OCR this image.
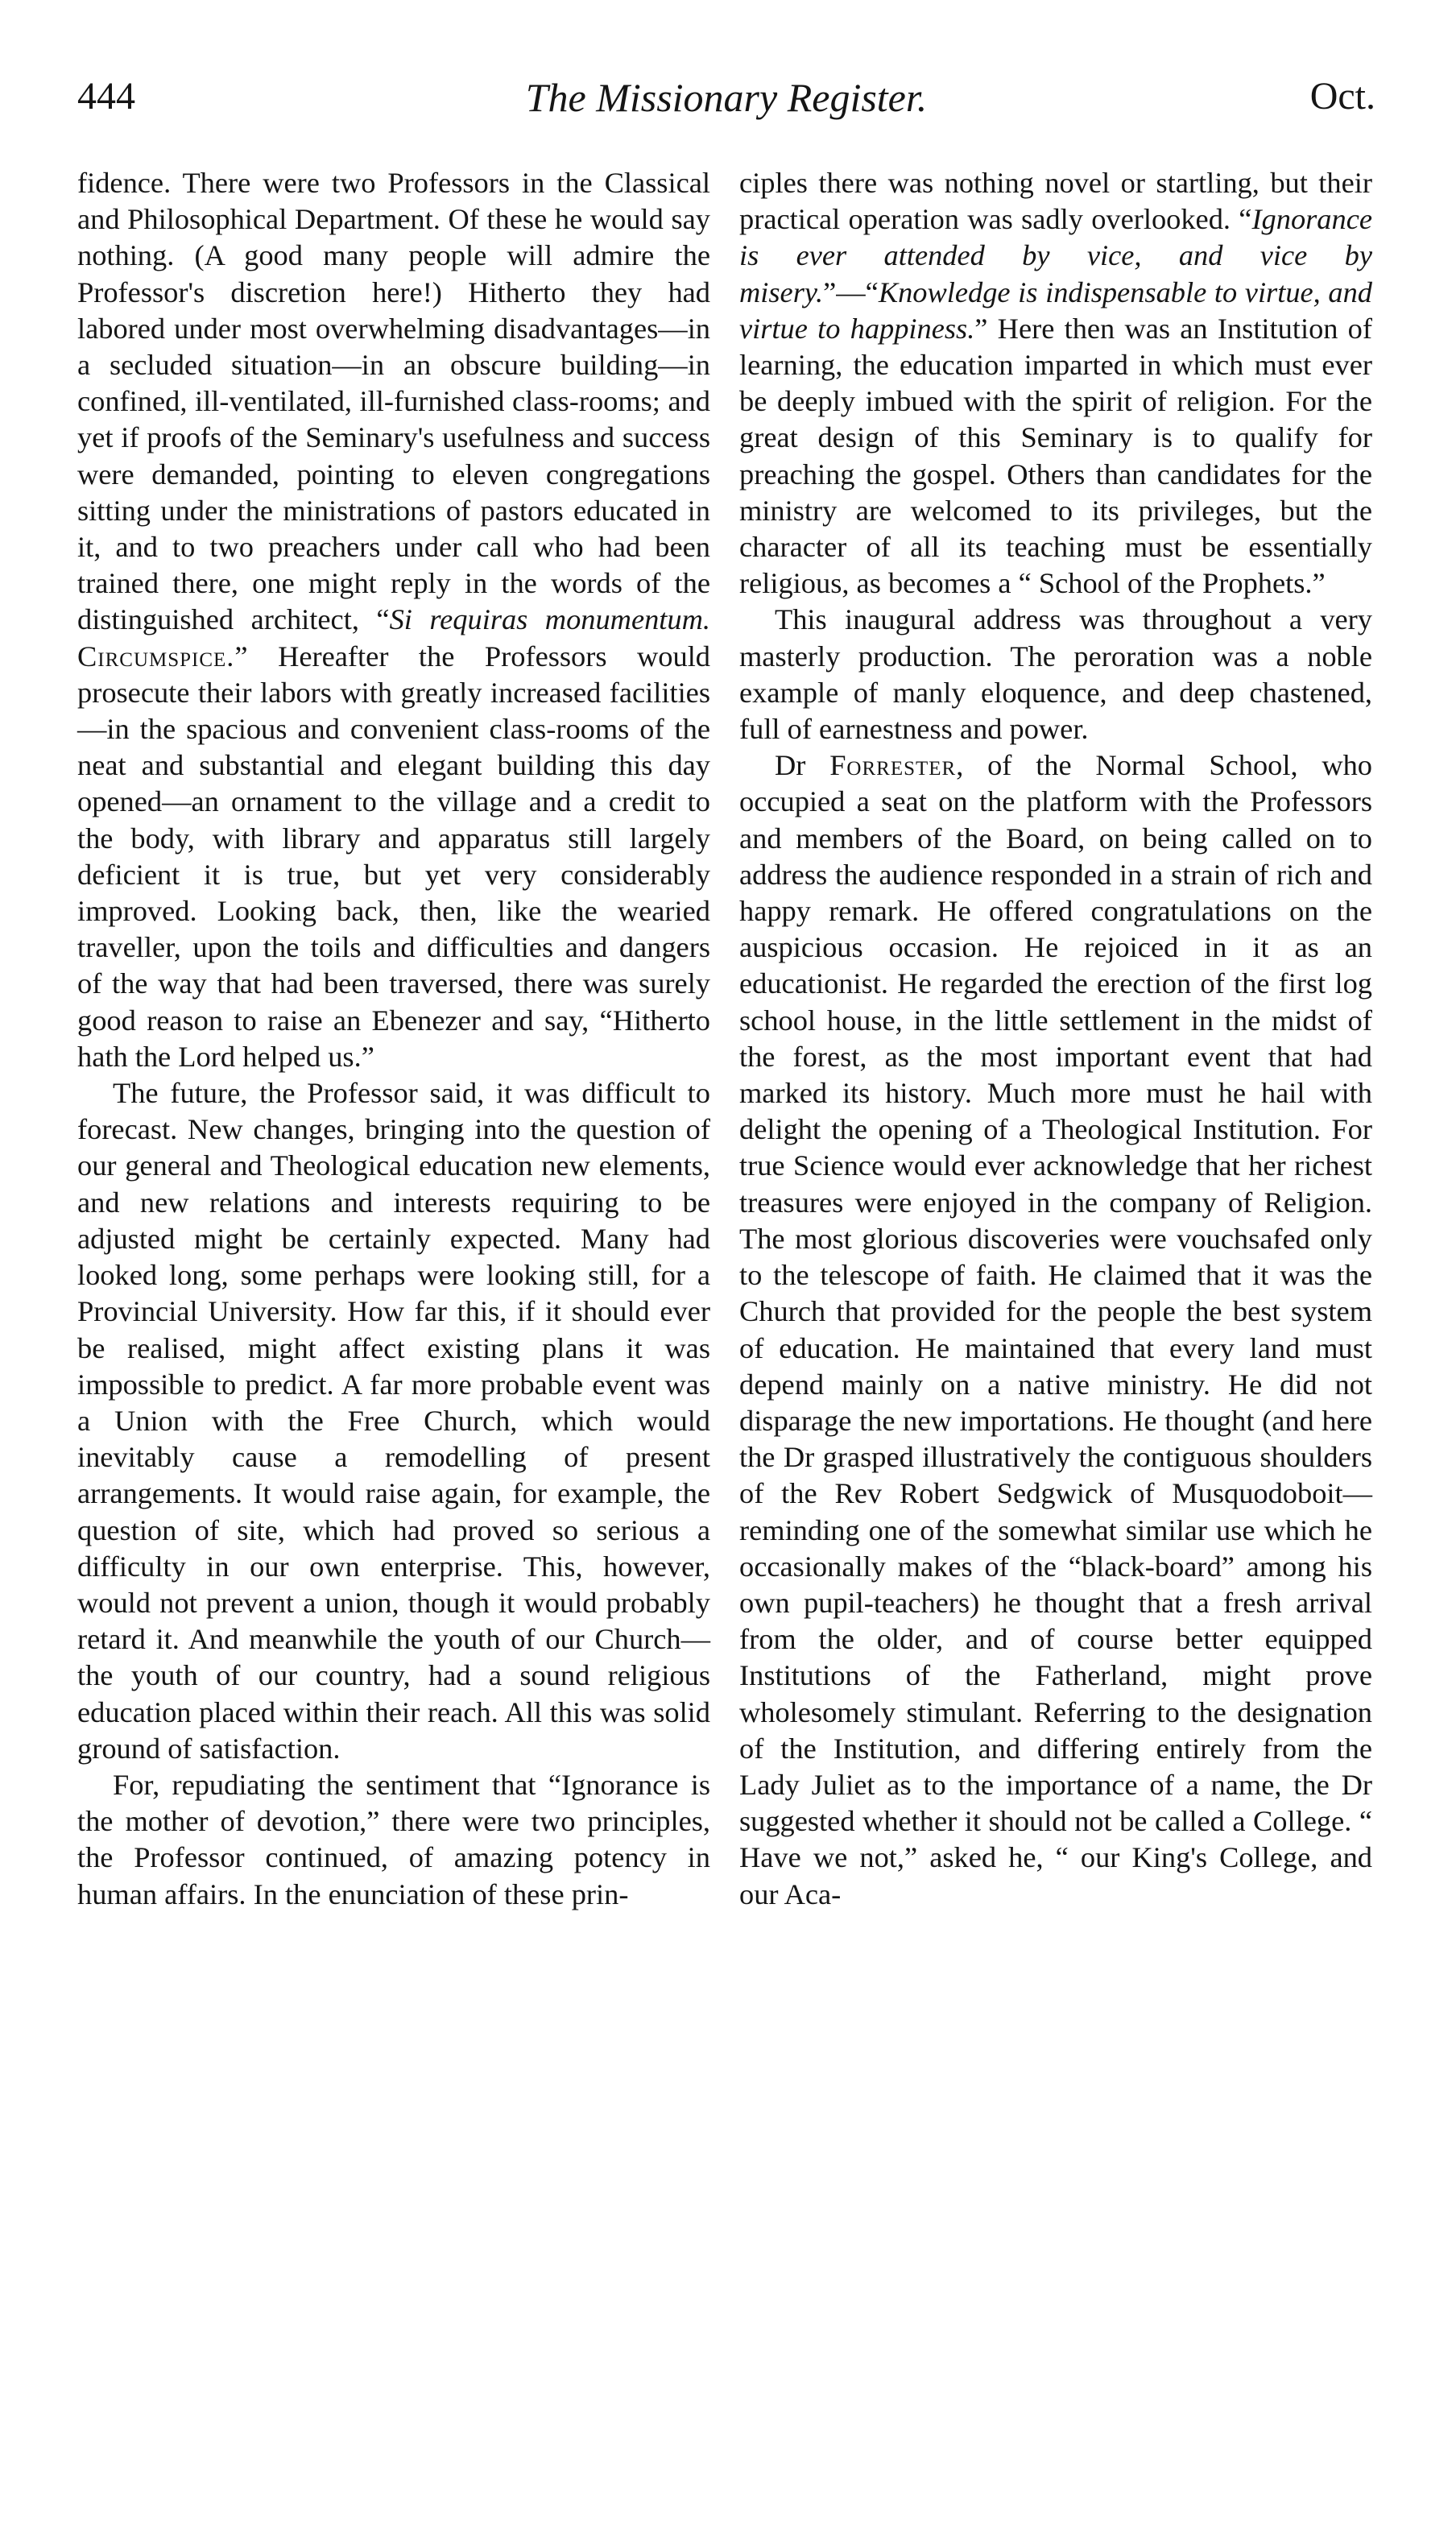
444	The Missionary Register.	Oct.

fidence. There were two Professors in the Classical and Philosophical Department. Of these he would say nothing. (A good many people will admire the Professor's discretion here!) Hitherto they had labored under most overwhelming disadvantages—in a secluded situation—in an obscure building—in confined, ill-ventilated, ill-furnished class-rooms; and yet if proofs of the Seminary's usefulness and success were demanded, pointing to eleven congregations sitting under the ministrations of pastors educated in it, and to two preachers under call who had been trained there, one might reply in the words of the distinguished architect, “Si requiras monumentum. Circumspice.” Hereafter the Professors would prosecute their labors with greatly increased facilities—in the spacious and convenient class-rooms of the neat and substantial and elegant building this day opened—an ornament to the village and a credit to the body, with library and apparatus still largely deficient it is true, but yet very considerably improved. Looking back, then, like the wearied traveller, upon the toils and difficulties and dangers of the way that had been traversed, there was surely good reason to raise an Ebenezer and say, “Hitherto hath the Lord helped us.”

The future, the Professor said, it was difficult to forecast. New changes, bringing into the question of our general and Theological education new elements, and new relations and interests requiring to be adjusted might be certainly expected. Many had looked long, some perhaps were looking still, for a Provincial University. How far this, if it should ever be realised, might affect existing plans it was impossible to predict. A far more probable event was a Union with the Free Church, which would inevitably cause a remodelling of present arrangements. It would raise again, for example, the question of site, which had proved so serious a difficulty in our own enterprise. This, however, would not prevent a union, though it would probably retard it. And meanwhile the youth of our Church—the youth of our country, had a sound religious education placed within their reach. All this was solid ground of satisfaction.

For, repudiating the sentiment that “Ignorance is the mother of devotion,” there were two principles, the Professor continued, of amazing potency in human affairs. In the enunciation of these prin-

ciples there was nothing novel or startling, but their practical operation was sadly overlooked. “Ignorance is ever attended by vice, and vice by misery.”—“Knowledge is indispensable to virtue, and virtue to happiness.” Here then was an Institution of learning, the education imparted in which must ever be deeply imbued with the spirit of religion. For the great design of this Seminary is to qualify for preaching the gospel. Others than candidates for the ministry are welcomed to its privileges, but the character of all its teaching must be essentially religious, as becomes a “ School of the Prophets.”

This inaugural address was throughout a very masterly production. The peroration was a noble example of manly eloquence, and deep chastened, full of earnestness and power.

Dr Forrester, of the Normal School, who occupied a seat on the platform with the Professors and members of the Board, on being called on to address the audience responded in a strain of rich and happy remark. He offered congratulations on the auspicious occasion. He rejoiced in it as an educationist. He regarded the erection of the first log school house, in the little settlement in the midst of the forest, as the most important event that had marked its history. Much more must he hail with delight the opening of a Theological Institution. For true Science would ever acknowledge that her richest treasures were enjoyed in the company of Religion. The most glorious discoveries were vouchsafed only to the telescope of faith. He claimed that it was the Church that provided for the people the best system of education. He maintained that every land must depend mainly on a native ministry. He did not disparage the new importations. He thought (and here the Dr grasped illustratively the contiguous shoulders of the Rev Robert Sedgwick of Musquodoboit—reminding one of the somewhat similar use which he occasionally makes of the “black-board” among his own pupil-teachers) he thought that a fresh arrival from the older, and of course better equipped Institutions of the Fatherland, might prove wholesomely stimulant. Referring to the designation of the Institution, and differing entirely from the Lady Juliet as to the importance of a name, the Dr suggested whether it should not be called a College. “ Have we not,” asked he, “ our King's College, and our Aca-
